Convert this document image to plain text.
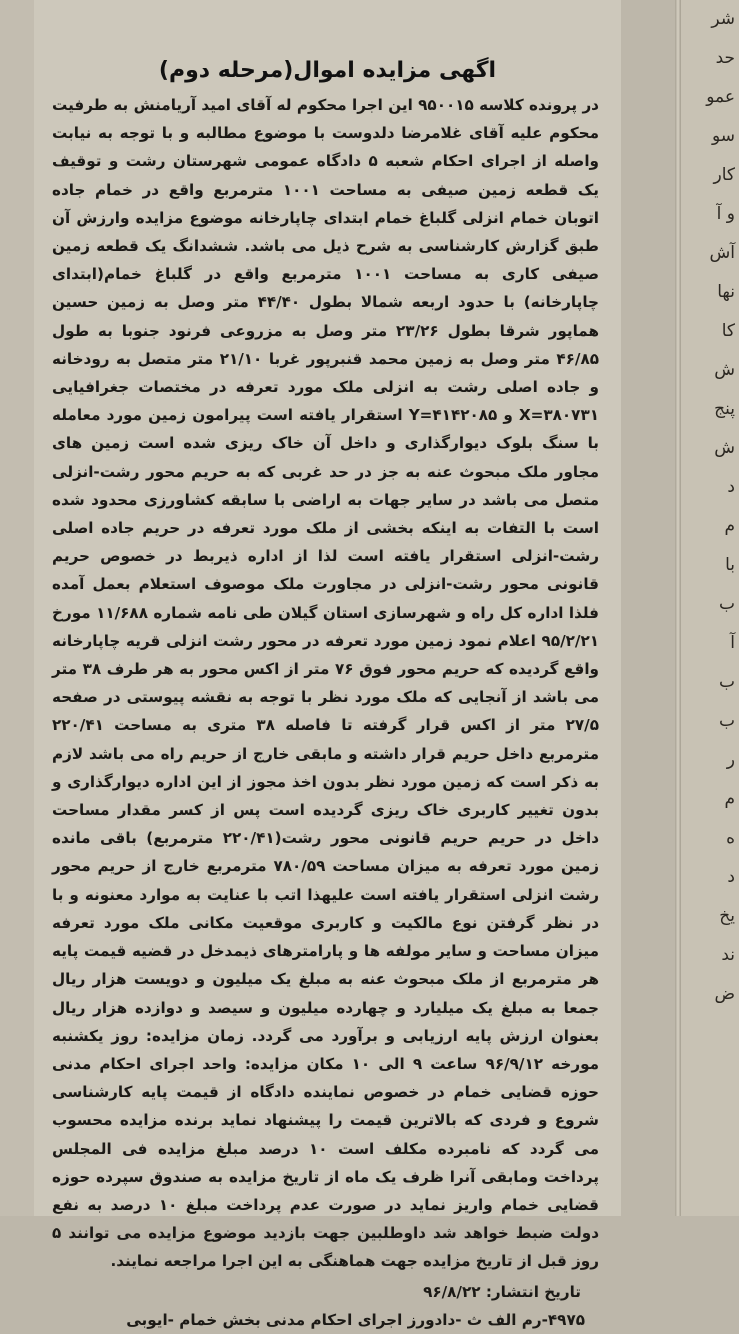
شر
حد
عمو
سو
کار
و آ
آش
نها
کا
ش
پنج
ش
د
م
با
ب
آ
ب
ب
ر
م
ه
د
یخ
ند
ض
اگهی مزایده اموال(مرحله دوم)
در پرونده کلاسه ۹۵۰۰۱۵ این اجرا محکوم له آقای امید آریامنش به طرفیت محکوم علیه آقای غلامرضا دلدوست با موضوع مطالبه و با توجه به نیابت واصله از اجرای احکام شعبه ۵ دادگاه عمومی شهرستان رشت و توقیف یک قطعه زمین صیفی به مساحت ۱۰۰۱ مترمربع واقع در خمام جاده اتوبان خمام انزلی گلباغ خمام ابتدای چاپارخانه موضوع مزایده وارزش آن طبق گزارش کارشناسی به شرح ذیل می باشد. ششدانگ یک قطعه زمین صیفی کاری به مساحت ۱۰۰۱ مترمربع واقع در گلباغ خمام(ابتدای چاپارخانه) با حدود اربعه شمالا بطول ۴۴/۴۰ متر وصل به زمین حسین هماپور شرقا بطول ۲۳/۲۶ متر وصل به مزروعی فرنود جنوبا به طول ۴۶/۸۵ متر وصل به زمین محمد قنبرپور غربا ۲۱/۱۰ متر متصل به رودخانه و جاده اصلی رشت به انزلی ملک مورد تعرفه در مختصات جغرافیایی X=۳۸۰۷۳۱ و Y=۴۱۴۲۰۸۵ استقرار یافته است پیرامون زمین مورد معامله با سنگ بلوک دیوارگذاری و داخل آن خاک ریزی شده است زمین های مجاور ملک مبحوث عنه به جز در حد غربی که به حریم محور رشت-انزلی متصل می باشد در سایر جهات به اراضی با سابقه کشاورزی محدود شده است با التفات به اینکه بخشی از ملک مورد تعرفه در حریم جاده اصلی رشت-انزلی استقرار یافته است لذا از اداره ذیربط در خصوص حریم قانونی محور رشت-انزلی در مجاورت ملک موصوف استعلام بعمل آمده فلذا اداره کل راه و شهرسازی استان گیلان طی نامه شماره ۱۱/۶۸۸ مورخ ۹۵/۲/۲۱ اعلام نمود زمین مورد تعرفه در محور رشت انزلی قریه چاپارخانه واقع گردیده که حریم محور فوق ۷۶ متر از اکس محور به هر طرف ۳۸ متر می باشد از آنجایی که ملک مورد نظر با توجه به نقشه پیوستی در صفحه ۲۷/۵ متر از اکس قرار گرفته تا فاصله ۳۸ متری به مساحت ۲۲۰/۴۱ مترمربع داخل حریم قرار داشته و مابقی خارج از حریم راه می باشد لازم به ذکر است که زمین مورد نظر بدون اخذ مجوز از این اداره دیوارگذاری و بدون تغییر کاربری خاک ریزی گردیده است پس از کسر مقدار مساحت داخل در حریم حریم قانونی محور رشت(۲۲۰/۴۱ مترمربع) باقی مانده زمین مورد تعرفه به میزان مساحت ۷۸۰/۵۹ مترمربع خارج از حریم محور رشت انزلی استقرار یافته است علیهذا اتب با عنایت به موارد معنونه و با در نظر گرفتن نوع مالکیت و کاربری موقعیت مکانی ملک مورد تعرفه میزان مساحت و سایر مولفه ها و پارامترهای ذیمدخل در قضیه قیمت پایه هر مترمربع از ملک مبحوث عنه به مبلغ یک میلیون و دویست هزار ریال جمعا به مبلغ یک میلیارد و چهارده میلیون و سیصد و دوازده هزار ریال بعنوان ارزش پایه ارزیابی و برآورد می گردد. زمان مزایده: روز یکشنبه مورخه ۹۶/۹/۱۲ ساعت ۹ الی ۱۰ مکان مزایده: واحد اجرای احکام مدنی حوزه قضایی خمام در خصوص نماینده دادگاه از قیمت پایه کارشناسی شروع و فردی که بالاترین قیمت را پیشنهاد نماید برنده مزایده محسوب می گردد که نامبرده مکلف است ۱۰ درصد مبلغ مزایده فی المجلس پرداخت ومابقی آنرا ظرف یک ماه از تاریخ مزایده به صندوق سپرده حوزه قضایی خمام واریز نماید در صورت عدم پرداخت مبلغ ۱۰ درصد به نفع دولت ضبط خواهد شد داوطلبین جهت بازدید موضوع مزایده می توانند ۵ روز قبل از تاریخ مزایده جهت هماهنگی به این اجرا مراجعه نمایند.
تاریخ انتشار: ۹۶/۸/۲۲
۴۹۷۵-رم الف ث -دادورز اجرای احکام مدنی بخش خمام -ایوبی
